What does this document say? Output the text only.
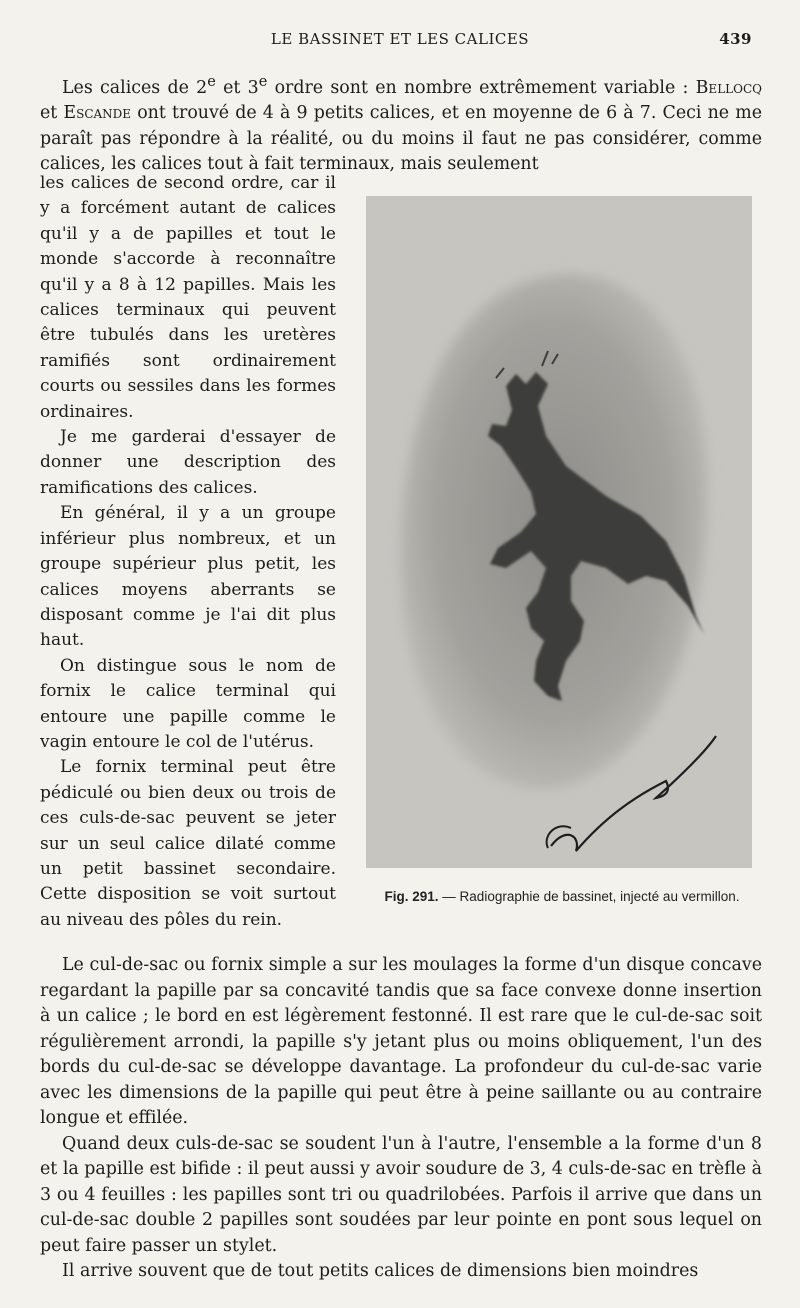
LE BASSINET ET LES CALICES	439

Les calices de 2e et 3e ordre sont en nombre extrêmement variable : Bellocq et Escande ont trouvé de 4 à 9 petits calices, et en moyenne de 6 à 7. Ceci ne me paraît pas répondre à la réalité, ou du moins il faut ne pas considérer, comme calices, les calices tout à fait terminaux, mais seulement

les calices de second ordre, car il y a forcément autant de calices qu'il y a de papilles et tout le monde s'accorde à reconnaître qu'il y a 8 à 12 papilles. Mais les calices terminaux qui peuvent être tubulés dans les uretères ramifiés sont ordinairement courts ou sessiles dans les formes ordinaires.

Je me garderai d'essayer de donner une description des ramifications des calices.

En général, il y a un groupe inférieur plus nombreux, et un groupe supérieur plus petit, les calices moyens aberrants se disposant comme je l'ai dit plus haut.

On distingue sous le nom de fornix le calice terminal qui entoure une papille comme le vagin entoure le col de l'utérus.

Le fornix terminal peut être pédiculé ou bien deux ou trois de ces culs-de-sac peuvent se jeter sur un seul calice dilaté comme un petit bassinet secondaire. Cette disposition se voit surtout au niveau des pôles du rein.

Fig. 291. — Radiographie de bassinet, injecté au vermillon.

Le cul-de-sac ou fornix simple a sur les moulages la forme d'un disque concave regardant la papille par sa concavité tandis que sa face convexe donne insertion à un calice ; le bord en est légèrement festonné. Il est rare que le cul-de-sac soit régulièrement arrondi, la papille s'y jetant plus ou moins obliquement, l'un des bords du cul-de-sac se développe davantage. La profondeur du cul-de-sac varie avec les dimensions de la papille qui peut être à peine saillante ou au contraire longue et effilée.

Quand deux culs-de-sac se soudent l'un à l'autre, l'ensemble a la forme d'un 8 et la papille est bifide : il peut aussi y avoir soudure de 3, 4 culs-de-sac en trèfle à 3 ou 4 feuilles : les papilles sont tri ou quadrilobées. Parfois il arrive que dans un cul-de-sac double 2 papilles sont soudées par leur pointe en pont sous lequel on peut faire passer un stylet.

Il arrive souvent que de tout petits calices de dimensions bien moindres
